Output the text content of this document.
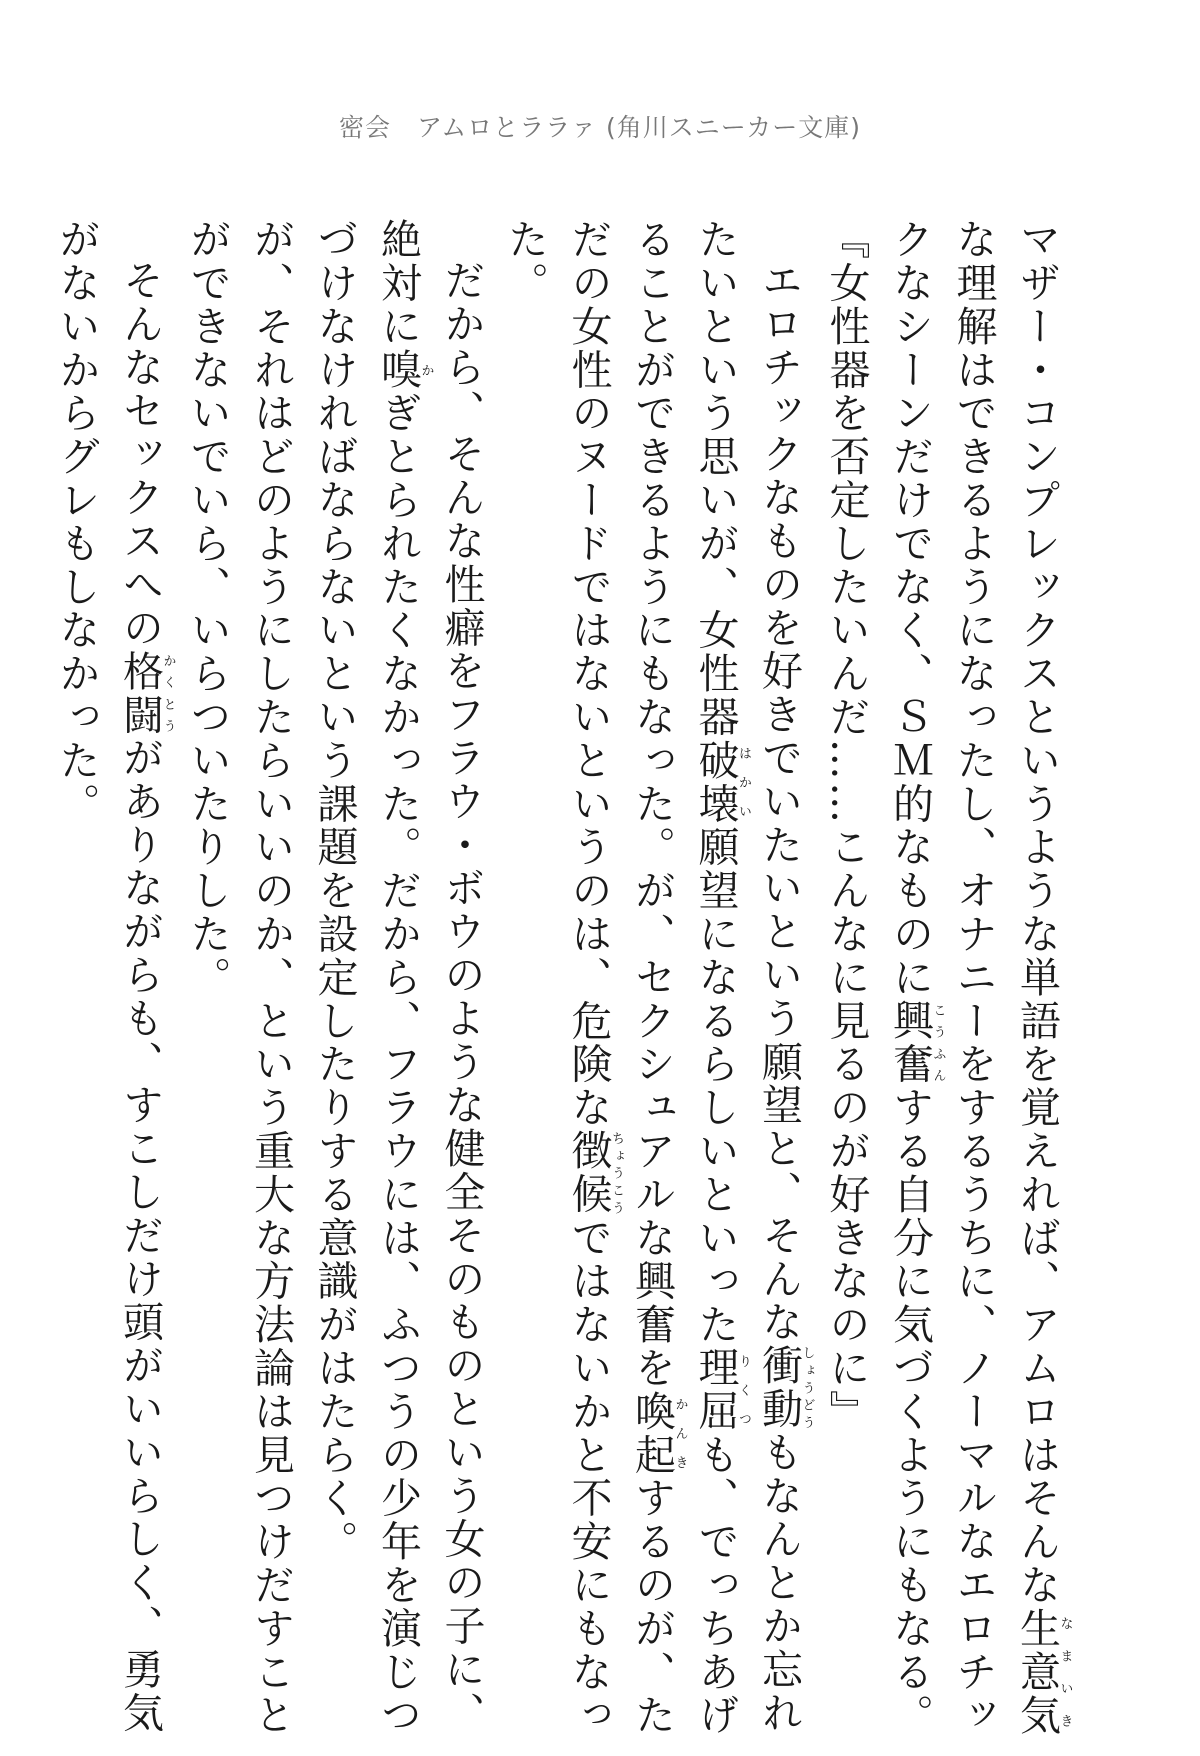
密会　アムロとララァ (角川スニーカー文庫)

マザー・コンプレックスというような単語を覚えれば、アムロはそんな生意気なまいきな理解はできるようになったし、オナニーをするうちに、ノーマルなエロチックなシーンだけでなく、ＳＭ的なものに興奮こうふんする自分に気づくようにもなる。

『女性器を否定したいんだ……こんなに見るのが好きなのに』

エロチックなものを好きでいたいという願望と、そんな衝動しょうどうもなんとか忘れたいという思いが、女性器破壊はかい願望になるらしいといった理屈りくつも、でっちあげることができるようにもなった。が、セクシュアルな興奮を喚起かんきするのが、ただの女性のヌードではないというのは、危険な徴候ちょうこうではないかと不安にもなった。

だから、そんな性癖をフラウ・ボウのような健全そのものという女の子に、絶対に嗅かぎとられたくなかった。だから、フラウには、ふつうの少年を演じつづけなければならないという課題を設定したりする意識がはたらく。

が、それはどのようにしたらいいのか、という重大な方法論は見つけだすことができないでいら、いらついたりした。

そんなセックスへの格闘かくとうがありながらも、すこしだけ頭がいいらしく、勇気がないからグレもしなかった。
